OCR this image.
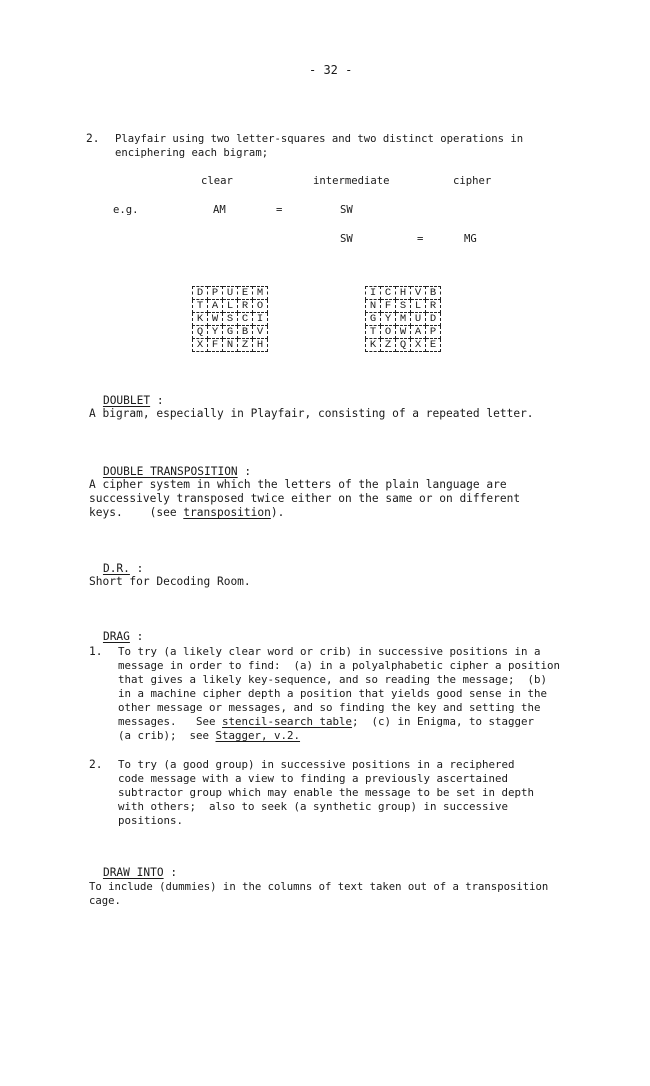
- 32 -
2. Playfair using two letter-squares and two distinct operations in
enciphering each bigram;
clear	intermediate	cipher
e.g.	AM	=	SW
SW	=	MG
D	P	U	E	M
T	A	L	R	O
K	W	S	C	I
Q	Y	G	B	V
X	F	N	Z	H
I	C	H	V	B
N	F	S	L	R
G	Y	M	U	D
T	O	W	A	P
K	Z	Q	X	E

DOUBLET :

A bigram, especially in Playfair, consisting of a repeated letter.

DOUBLE TRANSPOSITION :

A cipher system in which the letters of the plain language are
successively transposed twice either on the same or on different
keys.    (see transposition).

D.R. :

Short for Decoding Room.

DRAG :

1. To try (a likely clear word or crib) in successive positions in a
message in order to find:  (a) in a polyalphabetic cipher a position
that gives a likely key-sequence, and so reading the message;  (b)
in a machine cipher depth a position that yields good sense in the
other message or messages, and so finding the key and setting the
messages.   See stencil-search table;  (c) in Enigma, to stagger
(a crib);  see Stagger, v.2.
2. To try (a good group) in successive positions in a reciphered
code message with a view to finding a previously ascertained
subtractor group which may enable the message to be set in depth
with others;  also to seek (a synthetic group) in successive
positions.

DRAW INTO :

To include (dummies) in the columns of text taken out of a transposition
cage.
